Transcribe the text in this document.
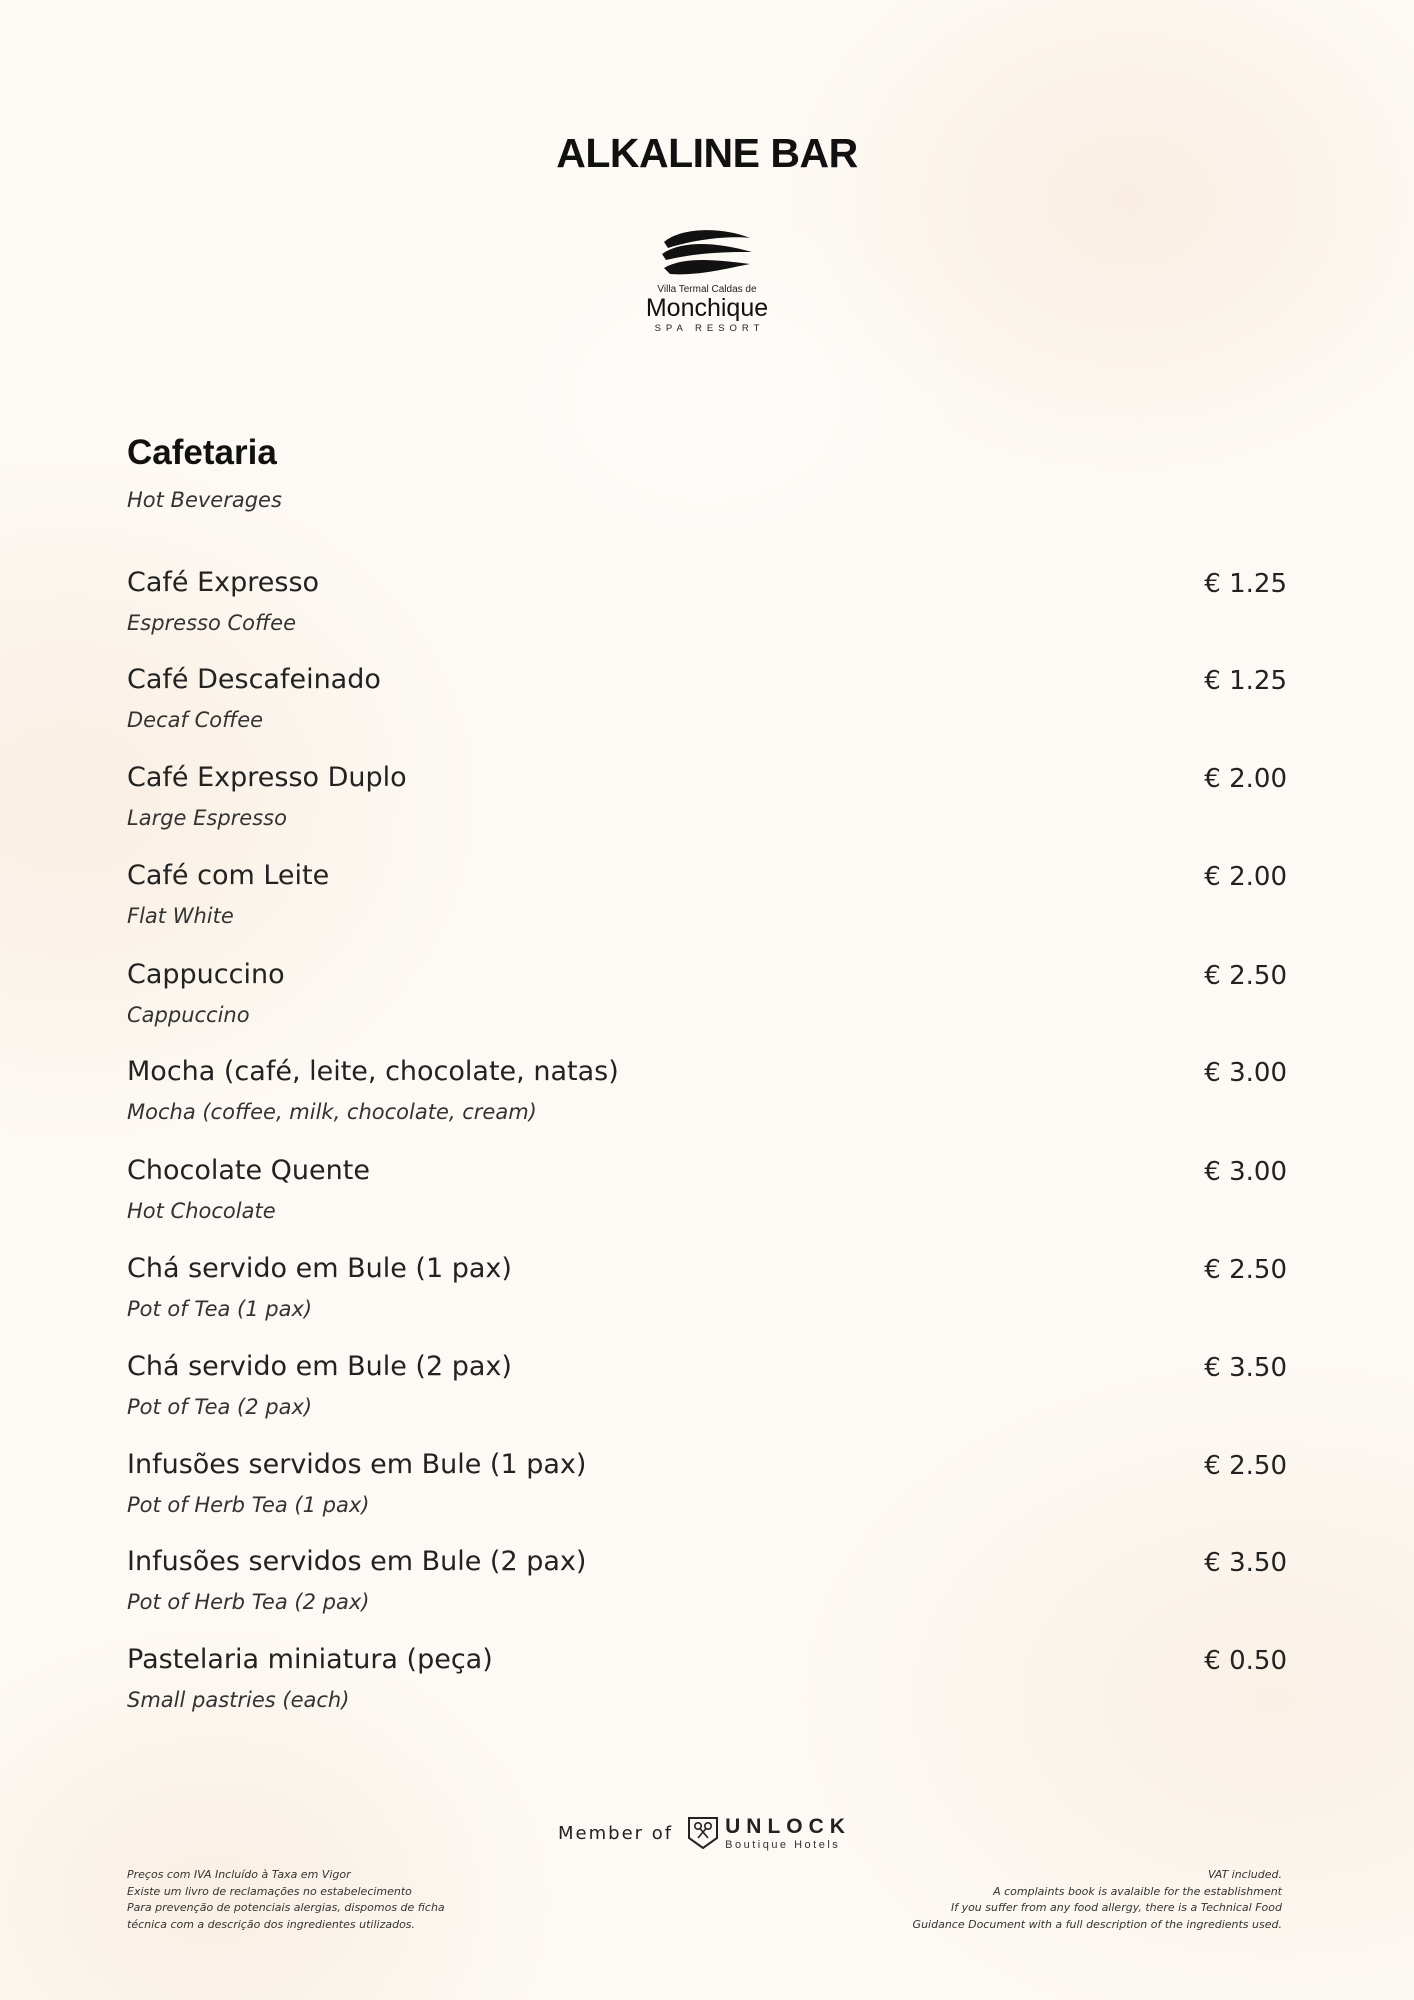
ALKALINE BAR
Villa Termal Caldas de
Monchique
SPA RESORT
Cafetaria
Hot Beverages
Café Expresso
Espresso Coffee
€ 1.25
Café Descafeinado
Decaf Coffee
€ 1.25
Café Expresso Duplo
Large Espresso
€ 2.00
Café com Leite
Flat White
€ 2.00
Cappuccino
Cappuccino
€ 2.50
Mocha (café, leite, chocolate, natas)
Mocha (coffee, milk, chocolate, cream)
€ 3.00
Chocolate Quente
Hot Chocolate
€ 3.00
Chá servido em Bule (1 pax)
Pot of Tea (1 pax)
€ 2.50
Chá servido em Bule (2 pax)
Pot of Tea (2 pax)
€ 3.50
Infusões servidos em Bule (1 pax)
Pot of Herb Tea (1 pax)
€ 2.50
Infusões servidos em Bule (2 pax)
Pot of Herb Tea (2 pax)
€ 3.50
Pastelaria miniatura (peça)
Small pastries (each)
€ 0.50
Member of UNLOCK
Boutique Hotels
Preços com IVA Incluído à Taxa em Vigor
Existe um livro de reclamações no estabelecimento
Para prevenção de potenciais alergias, dispomos de ficha
técnica com a descrição dos ingredientes utilizados.
VAT included.
A complaints book is avalaible for the establishment
If you suffer from any food allergy, there is a Technical Food
Guidance Document with a full description of the ingredients used.
